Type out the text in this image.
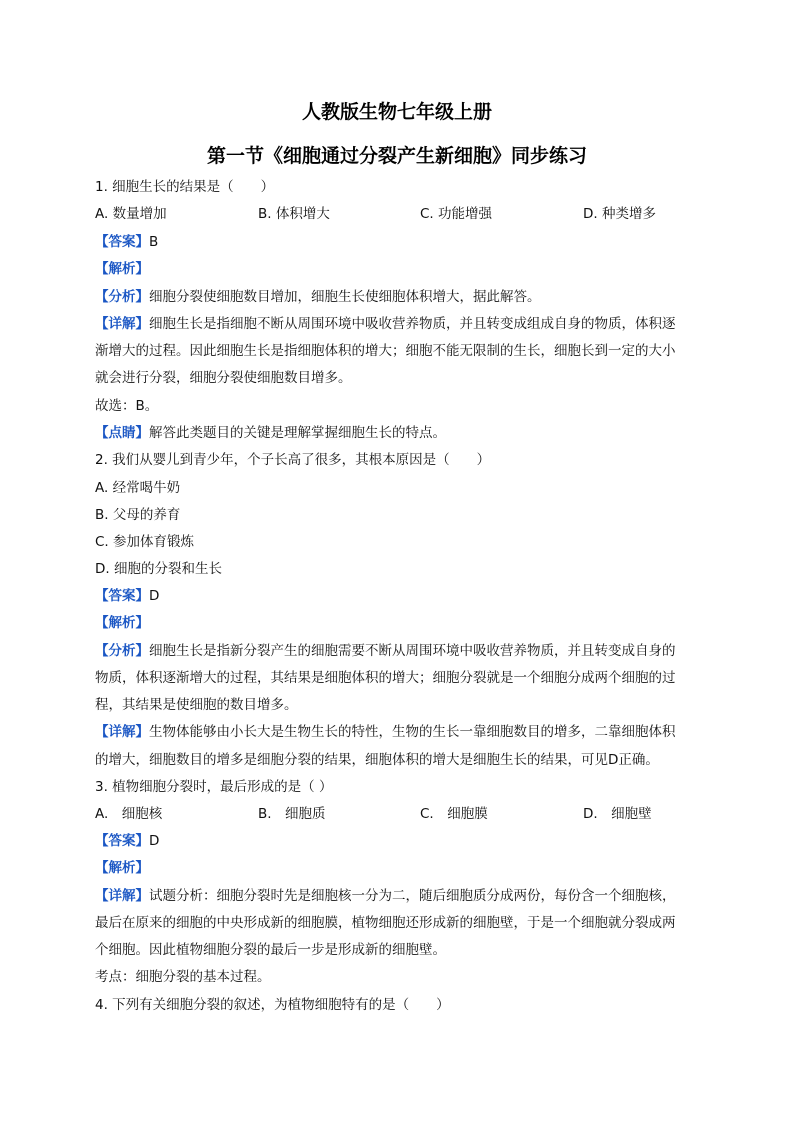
人教版生物七年级上册
第一节《细胞通过分裂产生新细胞》同步练习
1. 细胞生长的结果是（　　）
A. 数量增加	B. 体积增大	C. 功能增强	D. 种类增多
【答案】B
【解析】
【分析】细胞分裂使细胞数目增加，细胞生长使细胞体积增大，据此解答。
【详解】细胞生长是指细胞不断从周围环境中吸收营养物质，并且转变成组成自身的物质，体积逐
渐增大的过程。因此细胞生长是指细胞体积的增大；细胞不能无限制的生长，细胞长到一定的大小
就会进行分裂，细胞分裂使细胞数目增多。
故选：B。
【点睛】解答此类题目的关键是理解掌握细胞生长的特点。
2. 我们从婴儿到青少年，个子长高了很多，其根本原因是（　　）
A. 经常喝牛奶
B. 父母的养育
C. 参加体育锻炼
D. 细胞的分裂和生长
【答案】D
【解析】
【分析】细胞生长是指新分裂产生的细胞需要不断从周围环境中吸收营养物质，并且转变成自身的
物质，体积逐渐增大的过程，其结果是细胞体积的增大；细胞分裂就是一个细胞分成两个细胞的过
程，其结果是使细胞的数目增多。
【详解】生物体能够由小长大是生物生长的特性，生物的生长一靠细胞数目的增多，二靠细胞体积
的增大，细胞数目的增多是细胞分裂的结果，细胞体积的增大是细胞生长的结果，可见D正确。
3. 植物细胞分裂时，最后形成的是（ ）
A.　细胞核	B.　细胞质	C.　细胞膜	D.　细胞壁
【答案】D
【解析】
【详解】试题分析：细胞分裂时先是细胞核一分为二，随后细胞质分成两份，每份含一个细胞核，
最后在原来的细胞的中央形成新的细胞膜，植物细胞还形成新的细胞壁，于是一个细胞就分裂成两
个细胞。因此植物细胞分裂的最后一步是形成新的细胞壁。
考点：细胞分裂的基本过程。
4. 下列有关细胞分裂的叙述，为植物细胞特有的是（　　）
